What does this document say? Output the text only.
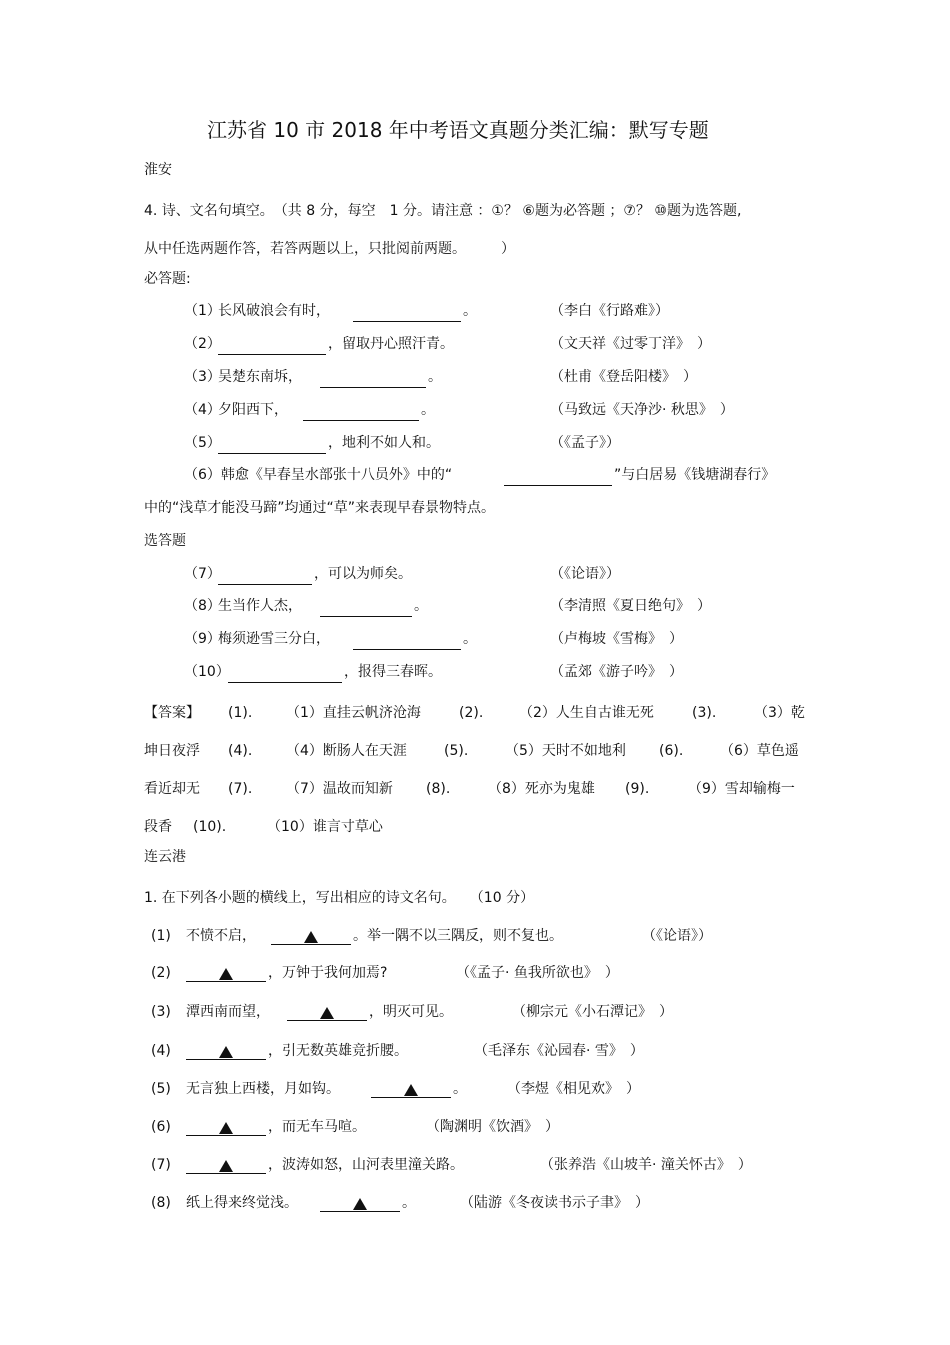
江苏省 10 市 2018 年中考语文真题分类汇编：默写专题
淮安
4. 诗、文名句填空。　（共 8 分，每空　1 分。请注意 ：①？ ⑥题为必答题 ；⑦？ ⑩题为选答题,
从中任选两题作答，若答两题以上，只批阅前两题。　　　）
必答题:
（1）
长风破浪会有时，	。	（李白《行路难》）
（2）	，留取丹心照汗青。	（文天祥《过零丁洋》　）
（3）
吴楚东南坼，	。	（杜甫《登岳阳楼》　）
（4）
夕阳西下，	。	（马致远《天净沙· 秋思》　）
（5）	，地利不如人和。	（《孟子》）
（6）韩愈《早春呈水部张十八员外》中的“	”与白居易《钱塘湖春行》
中的“浅草才能没马蹄”均通过“草”来表现早春景物特点。
选答题
（7）	，可以为师矣。	（《论语》）
（8）
生当作人杰，	。	（李清照《夏日绝句》　）
（9）
梅须逊雪三分白，	。	（卢梅坡《雪梅》　）
（10）	，报得三春晖。	（孟郊《游子吟》　）
【答案】 (1). （1）直挂云帆济沧海	(2).	（2）人生自古谁无死	(3).	（3）乾
坤日夜浮 (4). （4）断肠人在天涯	(5).	（5）天时不如地利 (6).	（6）草色遥
看近却无 (7). （7）温故而知新 (8).	（8）死亦为鬼雄 (9).	（9）雪却输梅一
段香 (10).	（10）谁言寸草心
连云港
1. 在下列各小题的横线上，写出相应的诗文名句。　　（10 分）
(1) 不愤不启，	。举一隅不以三隅反，则不复也。	（《论语》）
(2)	，万钟于我何加焉?	（《孟子· 鱼我所欲也》　）
(3) 潭西南而望，	，明灭可见。	（柳宗元《小石潭记》　）
(4)	，引无数英雄竞折腰。	（毛泽东《沁园春· 雪》　）
(5) 无言独上西楼，月如钩。	。	（李煜《相见欢》　）
(6)	，而无车马喧。	（陶渊明《饮酒》　）
(7)	，波涛如怒，山河表里潼关路。	（张养浩《山坡羊· 潼关怀古》　）
(8) 纸上得来终觉浅。	。	（陆游《冬夜读书示子聿》　）
